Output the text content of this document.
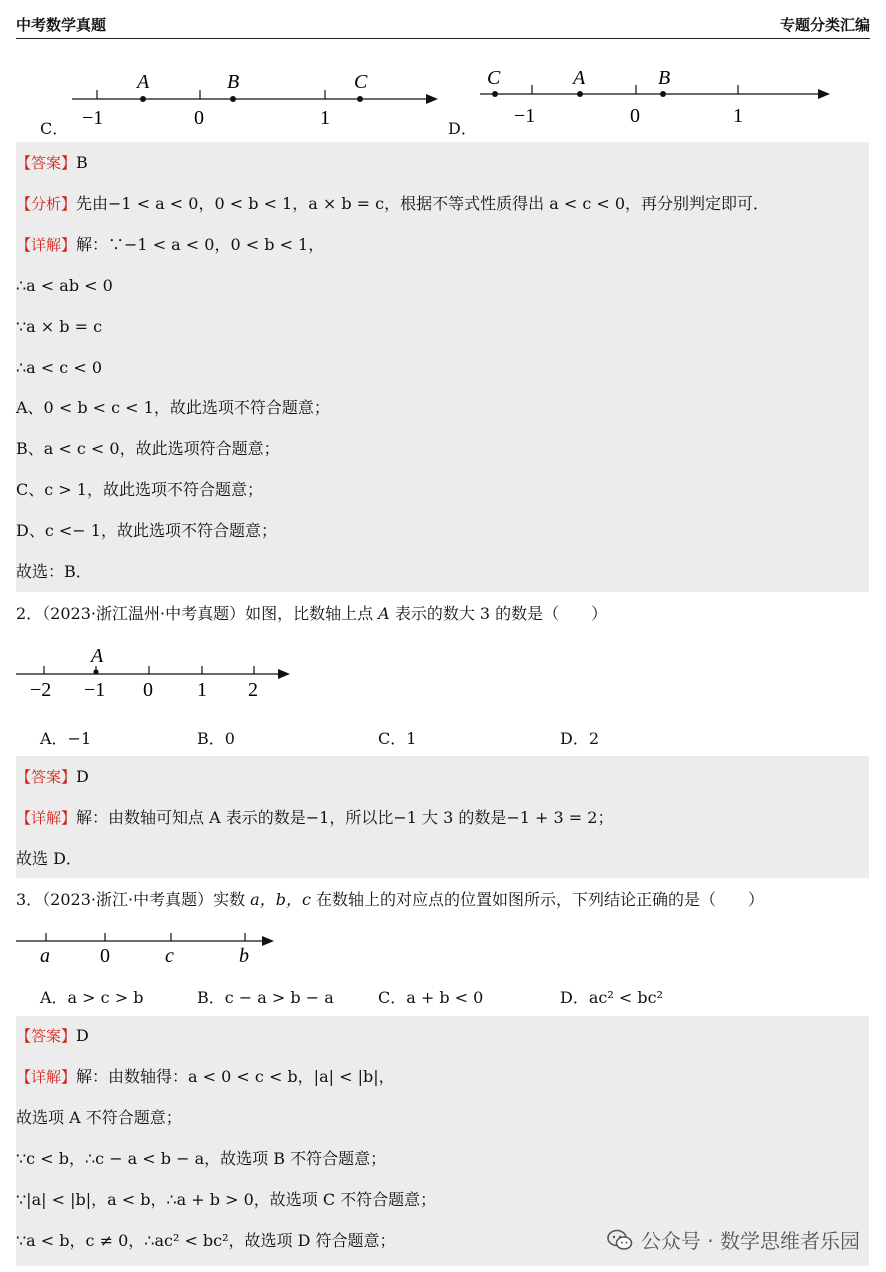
中考数学真题	专题分类汇编
C．
A	B	C
−1	0	1	D．
C	A	B
−1	0	1
【答案】B
【分析】先由−1 < a < 0，0 < b < 1，a × b = c，根据不等式性质得出 a < c < 0，再分别判定即可．
【详解】解：∵−1 < a < 0，0 < b < 1，
∴a < ab < 0
∵a × b = c
∴a < c < 0
A、0 < b < c < 1，故此选项不符合题意；
B、a < c < 0，故此选项符合题意；
C、c > 1，故此选项不符合题意；
D、c <− 1，故此选项不符合题意；
故选：B．
2．（2023·浙江温州·中考真题）如图，比数轴上点 A 表示的数大 3 的数是（　　）
A
−2 −1 0 1 2
A．−1	B．0	C．1	D．2
【答案】D
【详解】解：由数轴可知点 A 表示的数是−1，所以比−1 大 3 的数是−1 + 3 = 2；
故选 D．
3．（2023·浙江·中考真题）实数 a，b，c 在数轴上的对应点的位置如图所示，下列结论正确的是（　　）
a	0	c	b
A．a > c > b	B．c − a > b − a	C．a + b < 0	D．ac² < bc²
【答案】D
【详解】解：由数轴得：a < 0 < c < b，|a| < |b|，
故选项 A 不符合题意；
∵c < b，∴c − a < b − a，故选项 B 不符合题意；
∵|a| < |b|，a < b，∴a + b > 0，故选项 C 不符合题意；
∵a < b，c ≠ 0，∴ac² < bc²，故选项 D 符合题意；	公众号 · 数学思维者乐园
